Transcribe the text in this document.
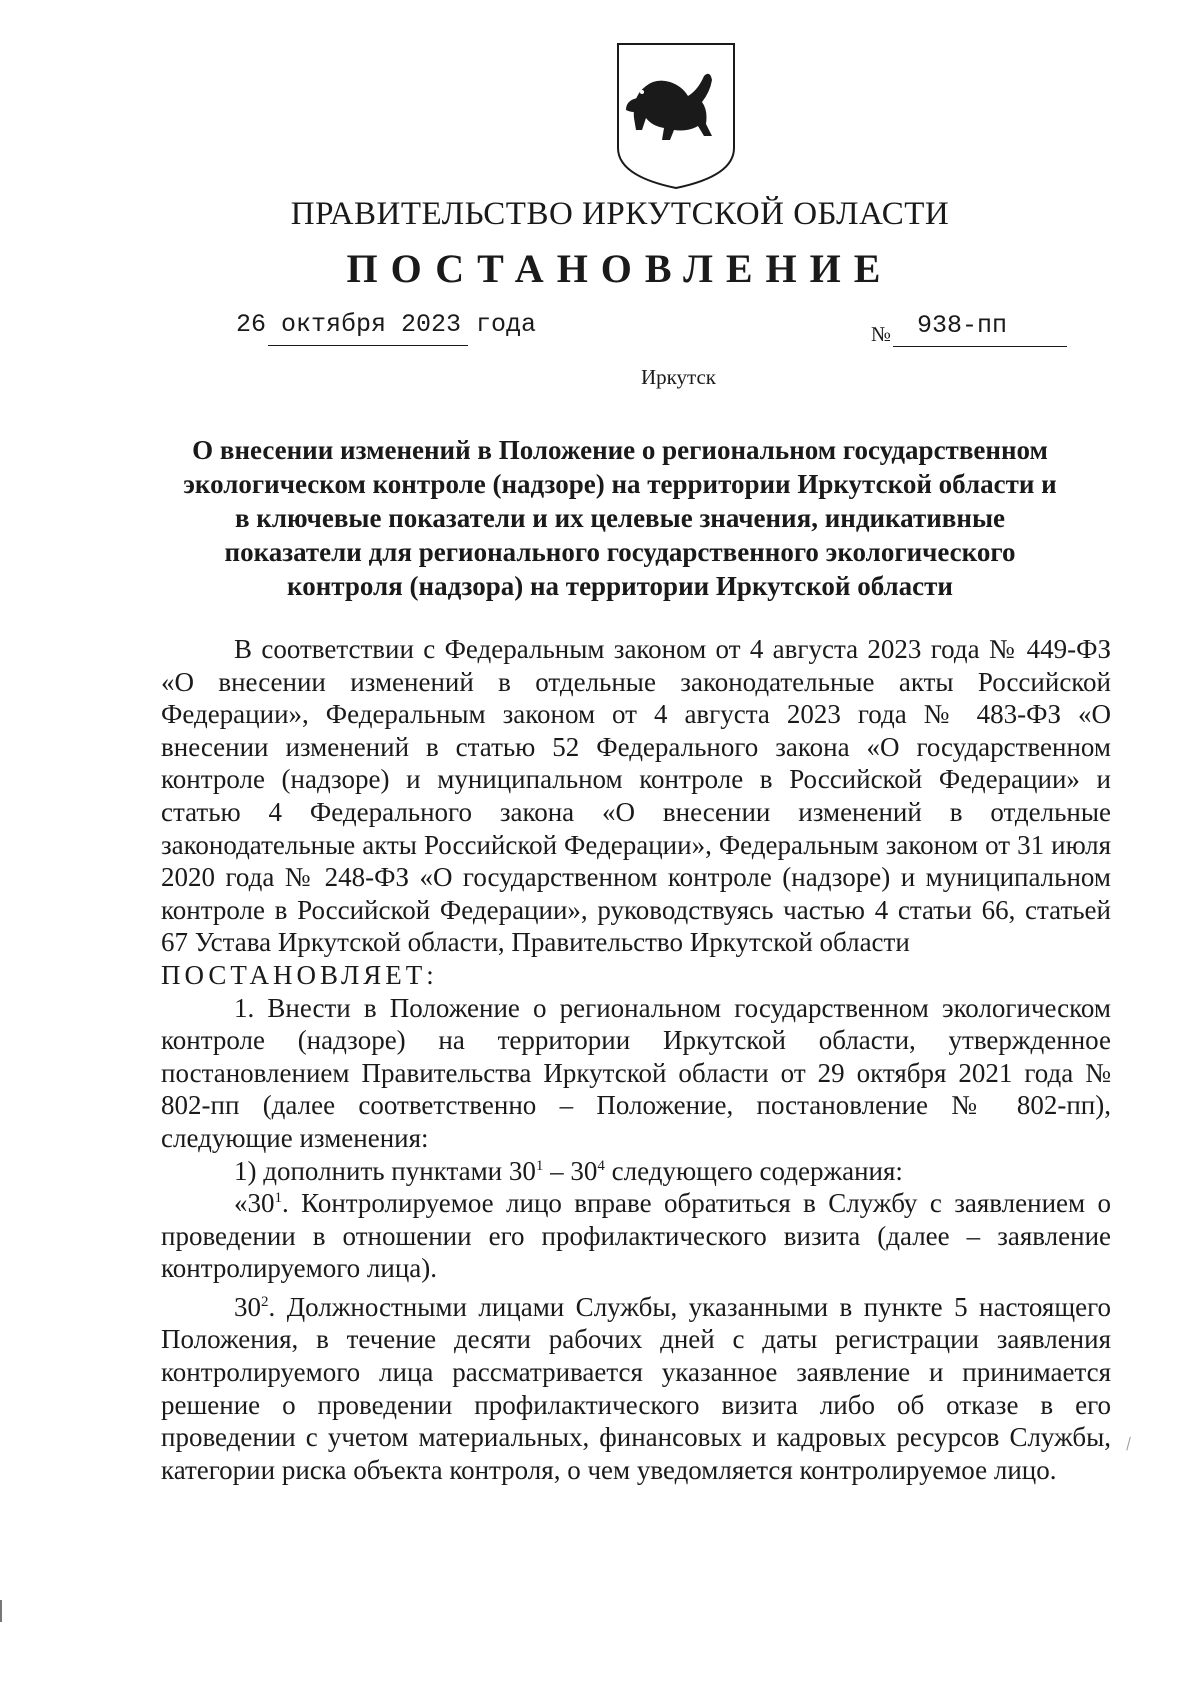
ПРАВИТЕЛЬСТВО ИРКУТСКОЙ ОБЛАСТИ
ПОСТАНОВЛЕНИЕ
26 октября 2023 года	№ 938-пп
Иркутск
О внесении изменений в Положение о региональном государственном
экологическом контроле (надзоре) на территории Иркутской области и
в ключевые показатели и их целевые значения, индикативные
показатели для регионального государственного экологического
контроля (надзора) на территории Иркутской области
В соответствии с Федеральным законом от 4 августа 2023 года № 449-ФЗ «О внесении изменений в отдельные законодательные акты Российской Федерации», Федеральным законом от 4 августа 2023 года № 483-ФЗ «О внесении изменений в статью 52 Федерального закона «О государственном контроле (надзоре) и муниципальном контроле в Российской Федерации» и статью 4 Федерального закона «О внесении изменений в отдельные законодательные акты Российской Федерации», Федеральным законом от 31 июля 2020 года № 248-ФЗ «О государственном контроле (надзоре) и муниципальном контроле в Российской Федерации», руководствуясь частью 4 статьи 66, статьей 67 Устава Иркутской области, Правительство Иркутской области
ПОСТАНОВЛЯЕТ:
1. Внести в Положение о региональном государственном экологическом контроле (надзоре) на территории Иркутской области, утвержденное постановлением Правительства Иркутской области от 29 октября 2021 года № 802-пп (далее соответственно – Положение, постановление № 802-пп), следующие изменения:
1) дополнить пунктами $30^1 - 30^4$ следующего содержания:
«$30^1$. Контролируемое лицо вправе обратиться в Службу с заявлением о проведении в отношении его профилактического визита (далее – заявление контролируемого лица).
$30^2$. Должностными лицами Службы, указанными в пункте 5 настоящего Положения, в течение десяти рабочих дней с даты регистрации заявления контролируемого лица рассматривается указанное заявление и принимается решение о проведении профилактического визита либо об отказе в его проведении с учетом материальных, финансовых и кадровых ресурсов Службы, категории риска объекта контроля, о чем уведомляется контролируемое лицо.
